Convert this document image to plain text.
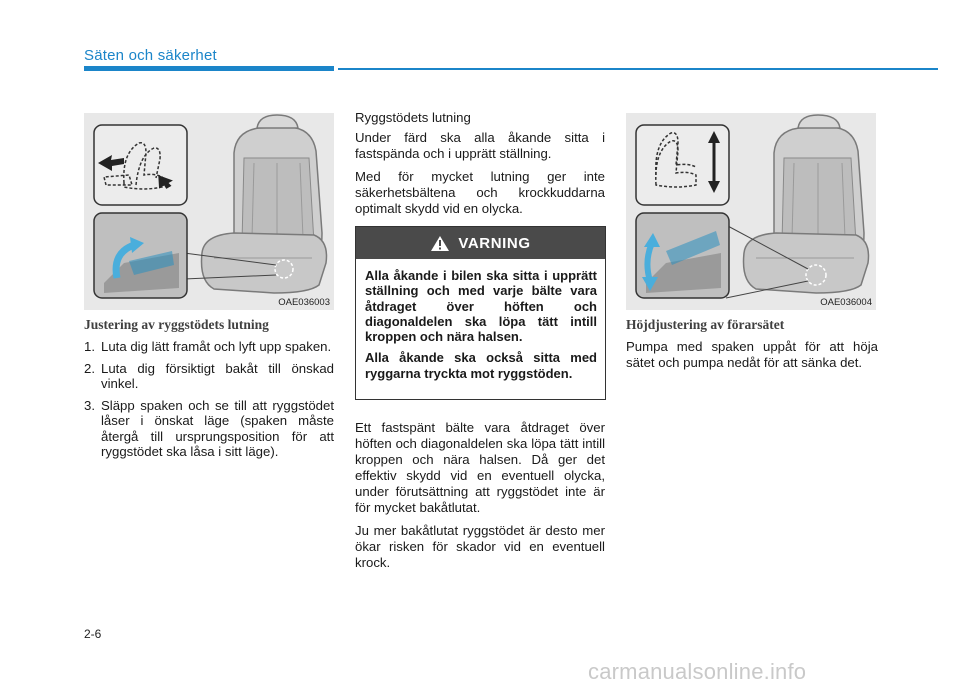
Säten och säkerhet
OAE036003
Justering av ryggstödets lutning
1. Luta dig lätt framåt och lyft upp spaken.
2. Luta dig försiktigt bakåt till önskad vinkel.
3. Släpp spaken och se till att ryggstödet låser i önskat läge (spaken måste återgå till ursprungsposition för att ryggstödet ska låsa i sitt läge).

Ryggstödets lutning

Under färd ska alla åkande sitta i fastspända och i upprätt ställning.

Med för mycket lutning ger inte säkerhetsbältena och krockkuddarna optimalt skydd vid en olycka.

VARNING

Alla åkande i bilen ska sitta i upprätt ställning och med varje bälte vara åtdraget över höften och diagonaldelen ska löpa tätt intill kroppen och nära halsen.

Alla åkande ska också sitta med ryggarna tryckta mot ryggstöden.

Ett fastspänt bälte vara åtdraget över höften och diagonaldelen ska löpa tätt intill kroppen och nära halsen. Då ger det effektiv skydd vid en eventuell olycka, under förutsättning att ryggstödet inte är för mycket bakåtlutat.

Ju mer bakåtlutat ryggstödet är desto mer ökar risken för skador vid en eventuell krock.

OAE036004
Höjdjustering av förarsätet

Pumpa med spaken uppåt för att höja sätet och pumpa nedåt för att sänka det.

2-6
carmanualsonline.info
